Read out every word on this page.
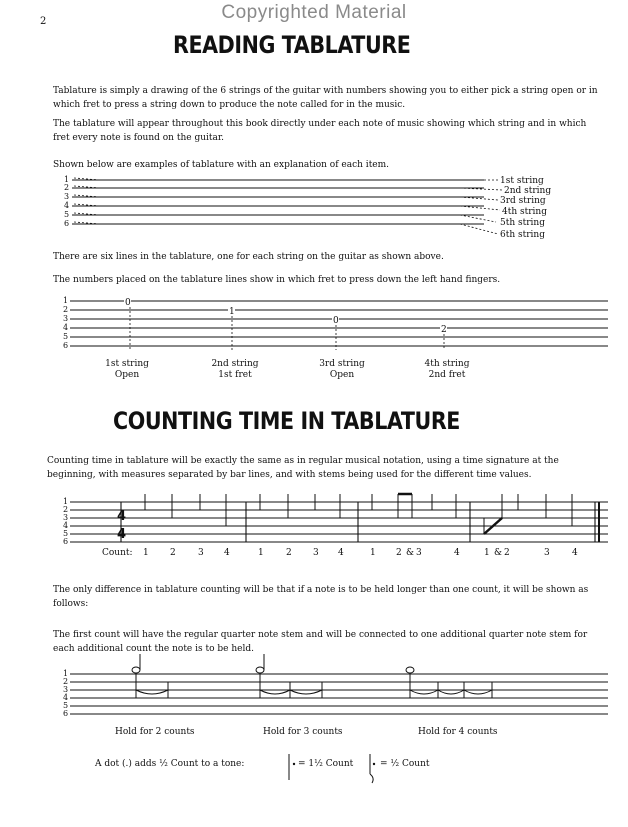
Copyrighted Material
2
READING TABLATURE
Tablature is simply a drawing of the 6 strings of the guitar with numbers showing you to either pick a string open or in which fret to press a string down to produce the note called for in the music.
The tablature will appear throughout this book directly under each note of music showing which string and in which fret every note is found on the guitar.
Shown below are examples of tablature with an explanation of each item.
1
2
3
4
5
6
1st string
2nd string
3rd string
4th string
5th string
6th string
There are six lines in the tablature, one for each string on the guitar as shown above.
The numbers placed on the tablature lines show in which fret to press down the left hand fingers.
1
2
3
4
5
6
0
1
0
2
1st string
Open
2nd string
1st fret
3rd string
Open
4th string
2nd fret
COUNTING TIME IN TABLATURE
Counting time in tablature will be exactly the same as in regular musical notation, using a time signature at the beginning, with measures separated by bar lines, and with stems being used for the different time values.
1
2
3
4
5
6
4
4
Count: 1 2 3 4	1 2 3 4	1 2 & 3	4	1 & 2	3 4
The only difference in tablature counting will be that if a note is to be held longer than one count, it will be shown as follows:
The first count will have the regular quarter note stem and will be connected to one additional quarter note stem for each additional count the note is to be held.
1
2
3
4
5
6
Hold for 2 counts	Hold for 3 counts	Hold for 4 counts
A dot (.) adds ½ Count to a tone:	= 1½ Count	= ½ Count
